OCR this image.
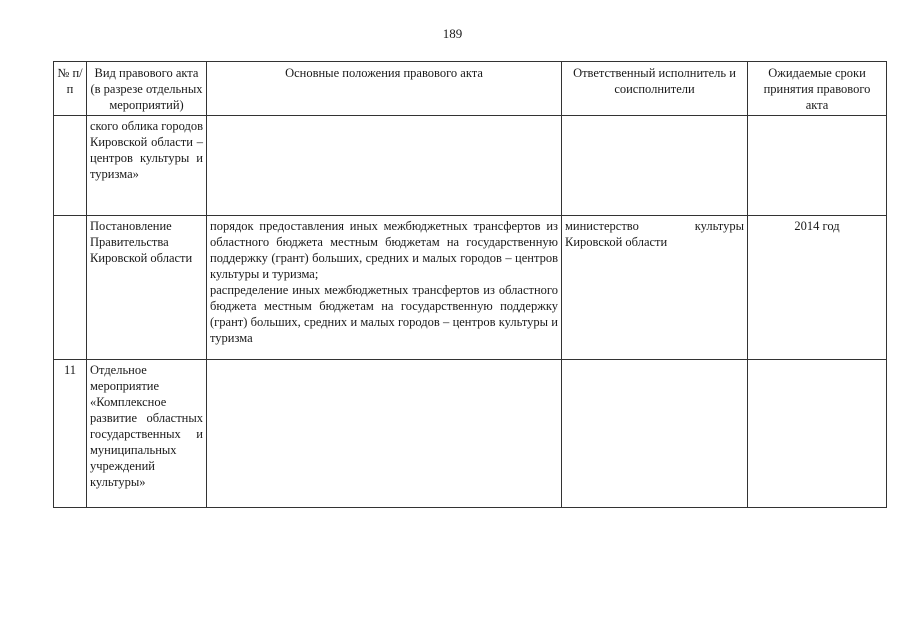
189
№ п/п	Вид правового акта (в разрезе отдельных мероприятий)	Основные положения правового акта	Ответственный исполнитель и соисполнители	Ожидаемые сроки принятия правового акта
	ского облика городов Кировской области – центров культуры и туризма»			
	Постановление Правительства Кировской области	порядок предоставления иных межбюджетных трансфертов из областного бюджета местным бюджетам на государственную поддержку (грант) больших, средних и малых городов – центров культуры и туризма;
распределение иных межбюджетных трансфертов из областного бюджета местным бюджетам на государственную поддержку (грант) больших, средних и малых городов – центров культуры и туризма	министерство культуры Кировской области	2014 год
11	Отдельное мероприятие «Комплексное развитие областных государственных и муниципальных учреждений культуры»			
